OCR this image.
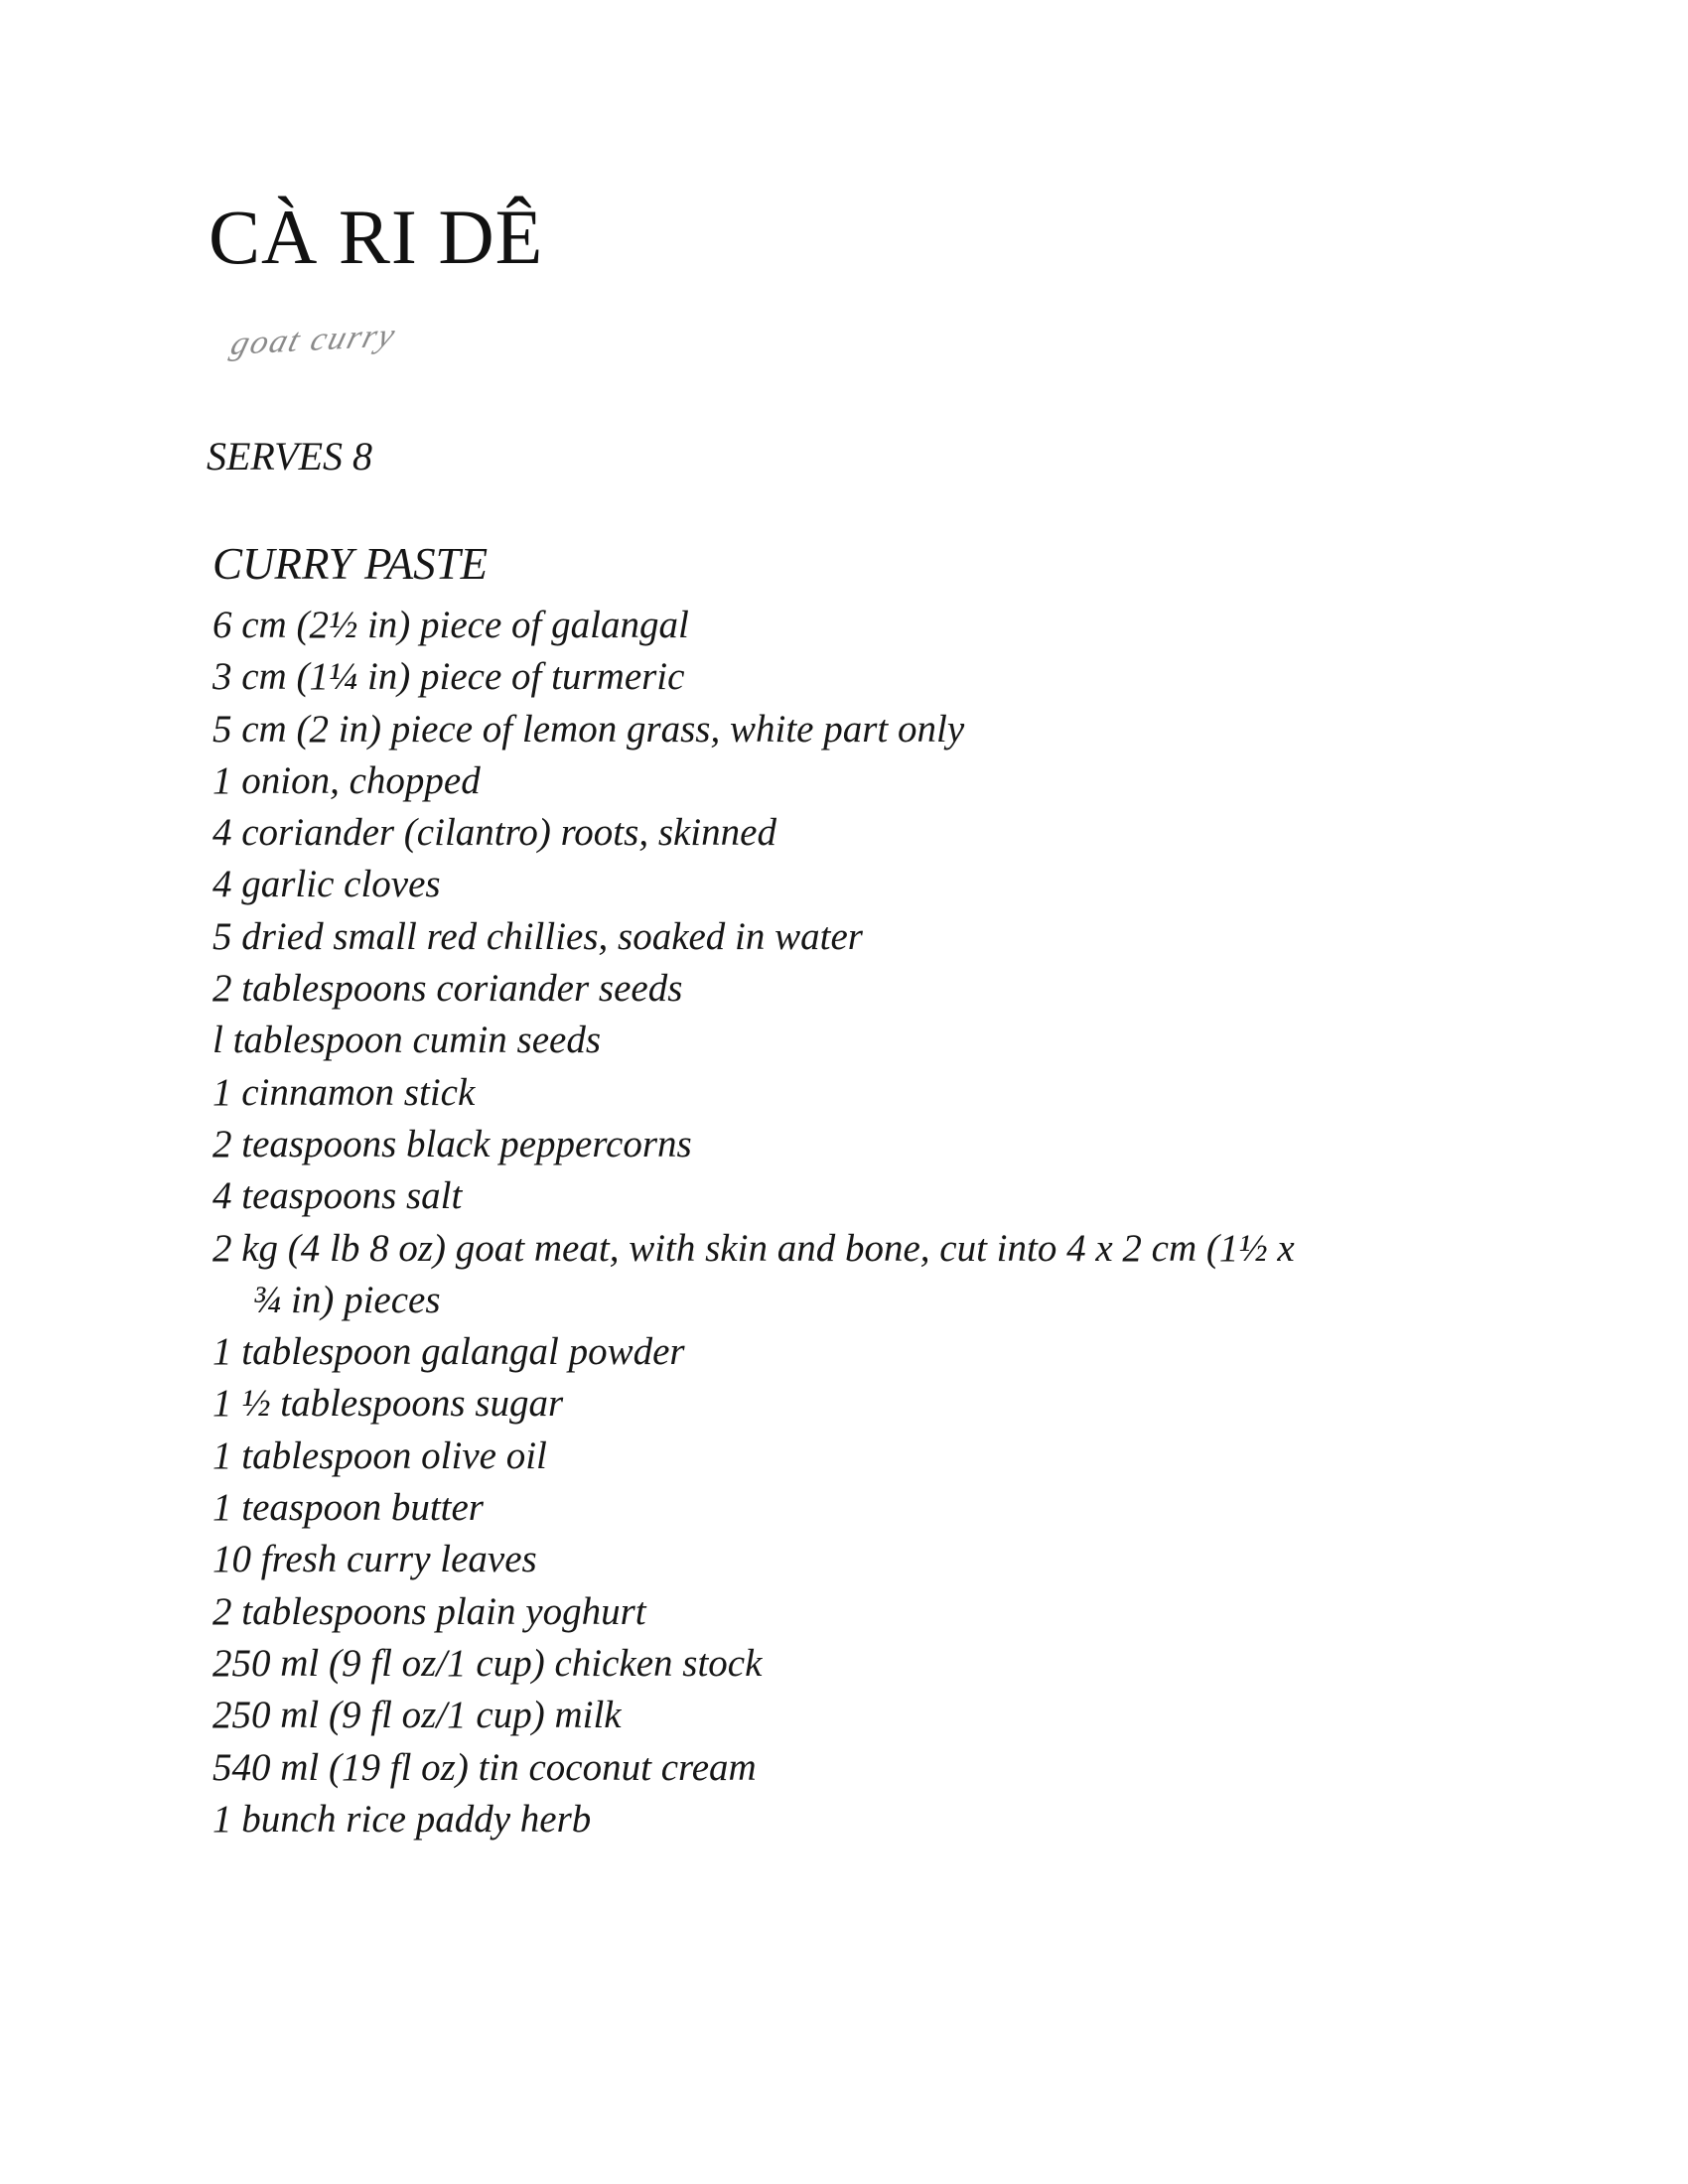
CÀ RI DÊ
goat curry
SERVES 8
CURRY PASTE
6 cm (2½ in) piece of galangal
3 cm (1¼ in) piece of turmeric
5 cm (2 in) piece of lemon grass, white part only
1 onion, chopped
4 coriander (cilantro) roots, skinned
4 garlic cloves
5 dried small red chillies, soaked in water
2 tablespoons coriander seeds
l tablespoon cumin seeds
1 cinnamon stick
2 teaspoons black peppercorns
4 teaspoons salt
2 kg (4 lb 8 oz) goat meat, with skin and bone, cut into 4 x 2 cm (1½ x ¾ in) pieces
1 tablespoon galangal powder
1 ½ tablespoons sugar
1 tablespoon olive oil
1 teaspoon butter
10 fresh curry leaves
2 tablespoons plain yoghurt
250 ml (9 fl oz/1 cup) chicken stock
250 ml (9 fl oz/1 cup) milk
540 ml (19 fl oz) tin coconut cream
1 bunch rice paddy herb
